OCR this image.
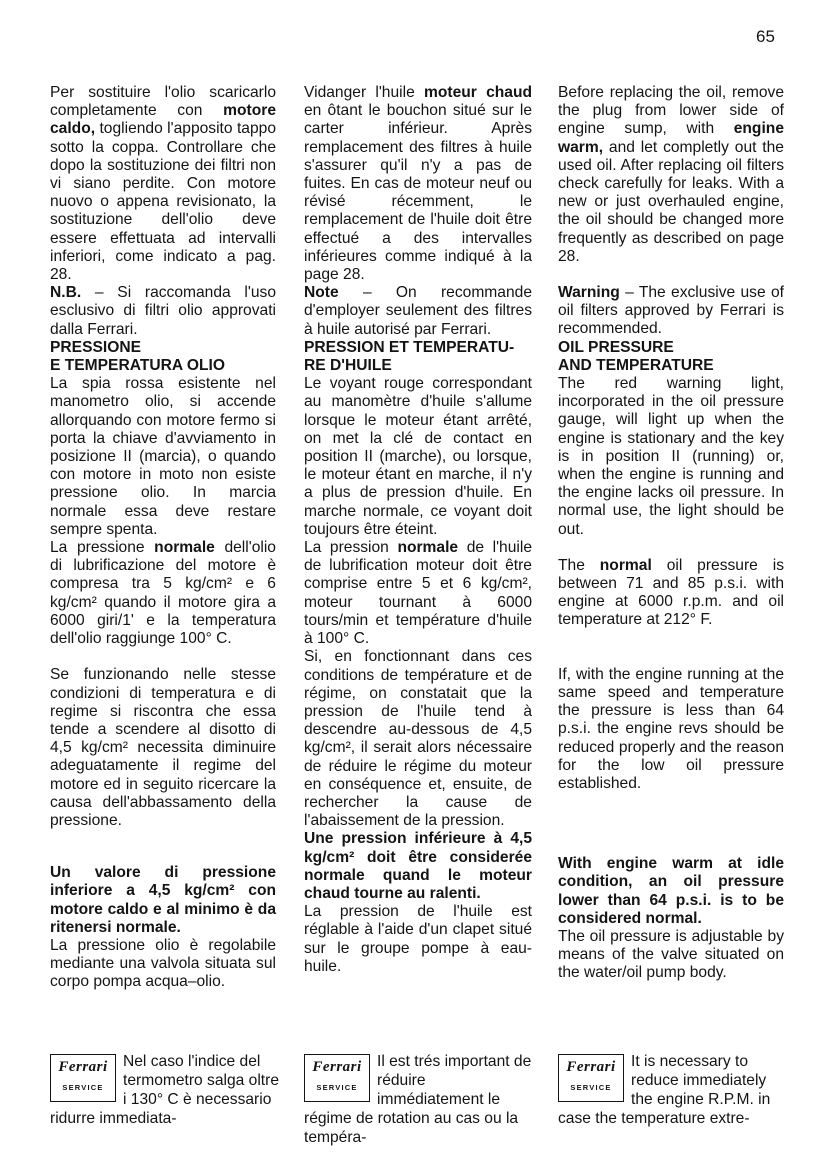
65

Per sostituire l'olio scaricarlo completamente con motore caldo, togliendo l'apposito tappo sotto la coppa. Controllare che dopo la sostituzione dei filtri non vi siano perdite. Con motore nuovo o appena revisionato, la sostituzione dell'olio deve essere effettuata ad intervalli inferiori, come indicato a pag. 28.

N.B. – Si raccomanda l'uso esclusivo di filtri olio approvati dalla Ferrari.

PRESSIONE
E TEMPERATURA OLIO

La spia rossa esistente nel manometro olio, si accende allorquando con motore fermo si porta la chiave d'avviamento in posizione II (marcia), o quando con motore in moto non esiste pressione olio. In marcia normale essa deve restare sempre spenta.

La pressione normale dell'olio di lubrificazione del motore è compresa tra 5 kg/cm² e 6 kg/cm² quando il motore gira a 6000 giri/1' e la temperatura dell'olio raggiunge 100° C.

Se funzionando nelle stesse condizioni di temperatura e di regime si riscontra che essa tende a scendere al disotto di 4,5 kg/cm² necessita diminuire adeguatamente il regime del motore ed in seguito ricercare la causa dell'abbassamento della pressione.

Un valore di pressione inferiore a 4,5 kg/cm² con motore caldo e al minimo è da ritenersi normale.

La pressione olio è regolabile mediante una valvola situata sul corpo pompa acqua–olio.

Vidanger l'huile moteur chaud en ôtant le bouchon situé sur le carter inférieur. Après remplacement des filtres à huile s'assurer qu'il n'y a pas de fuites. En cas de moteur neuf ou révisé récemment, le remplacement de l'huile doit être effectué a des intervalles inférieures comme indiqué à la page 28.

Note – On recommande d'employer seulement des filtres à huile autorisé par Ferrari.

PRESSION ET TEMPERATU-
RE D'HUILE

Le voyant rouge correspondant au manomètre d'huile s'allume lorsque le moteur étant arrêté, on met la clé de contact en position II (marche), ou lorsque, le moteur étant en marche, il n'y a plus de pression d'huile. En marche normale, ce voyant doit toujours être éteint.

La pression normale de l'huile de lubrification moteur doit être comprise entre 5 et 6 kg/cm², moteur tournant à 6000 tours/min et température d'huile à 100° C.

Si, en fonctionnant dans ces conditions de température et de régime, on constatait que la pression de l'huile tend à descendre au-dessous de 4,5 kg/cm², il serait alors nécessaire de réduire le régime du moteur en conséquence et, ensuite, de rechercher la cause de l'abaissement de la pression.

Une pression inférieure à 4,5 kg/cm² doit être considerée normale quand le moteur chaud tourne au ralenti.

La pression de l'huile est réglable à l'aide d'un clapet situé sur le groupe pompe à eau-huile.

Before replacing the oil, remove the plug from lower side of engine sump, with engine warm, and let completly out the used oil. After replacing oil filters check carefully for leaks. With a new or just overhauled engine, the oil should be changed more frequently as described on page 28.

Warning – The exclusive use of oil filters approved by Ferrari is recommended.

OIL PRESSURE
AND TEMPERATURE

The red warning light, incorporated in the oil pressure gauge, will light up when the engine is stationary and the key is in position II (running) or, when the engine is running and the engine lacks oil pressure. In normal use, the light should be out.

The normal oil pressure is between 71 and 85 p.s.i. with engine at 6000 r.p.m. and oil temperature at 212° F.

If, with the engine running at the same speed and temperature the pressure is less than 64 p.s.i. the engine revs should be reduced properly and the reason for the low oil pressure established.

With engine warm at idle condition, an oil pressure lower than 64 p.s.i. is to be considered normal.

The oil pressure is adjustable by means of the valve situated on the water/oil pump body.

Ferrari
SERVICE
Nel caso l'indice del termometro salga oltre i 130° C è necessario ridurre immediata-
Ferrari
SERVICE
Il est trés important de réduire immédiatement le régime de rotation au cas ou la tempéra-
Ferrari
SERVICE
It is necessary to reduce immediately the engine R.P.M. in case the temperature extre-
